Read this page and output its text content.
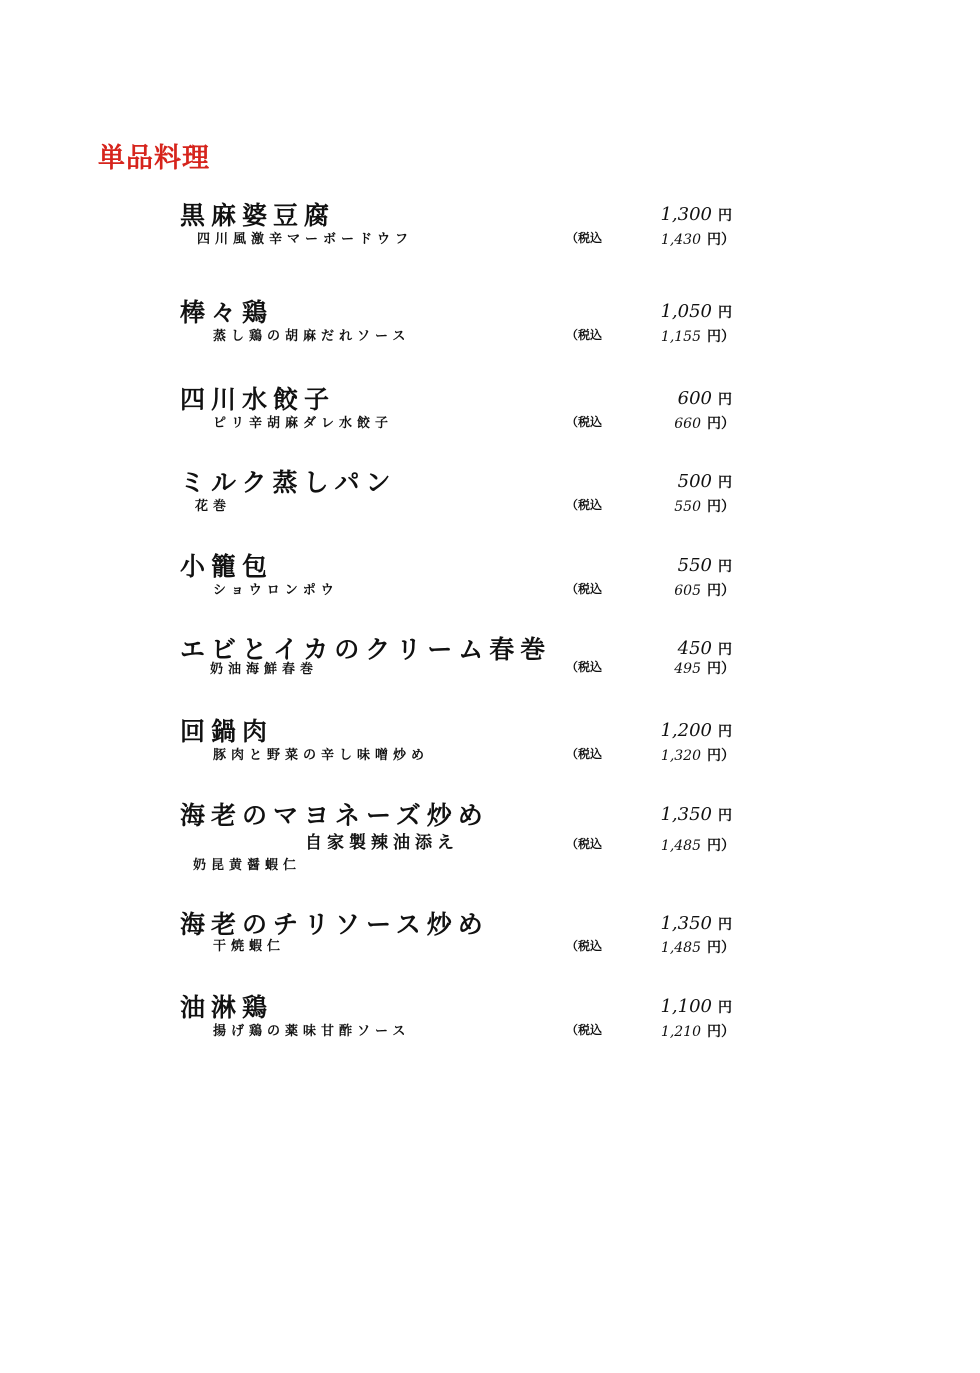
単品料理
黒麻婆豆腐
四川風激辛マーボードウフ
1,300 円
（税込	1,430 円）
棒々鶏
蒸し鶏の胡麻だれソース
1,050 円
（税込	1,155 円）
四川水餃子
ピリ辛胡麻ダレ水餃子
600 円
（税込	660 円）
ミルク蒸しパン
花巻
500 円
（税込	550 円）
小籠包
ショウロンポウ
550 円
（税込	605 円）
エビとイカのクリーム春巻
奶油海鮮春巻
450 円
（税込	495 円）
回鍋肉
豚肉と野菜の辛し味噌炒め
1,200 円
（税込	1,320 円）
海老のマヨネーズ炒め
自家製辣油添え
奶昆黄醤蝦仁
1,350 円
（税込	1,485 円）
海老のチリソース炒め
干焼蝦仁
1,350 円
（税込	1,485 円）
油淋鶏
揚げ鶏の薬味甘酢ソース
1,100 円
（税込	1,210 円）
